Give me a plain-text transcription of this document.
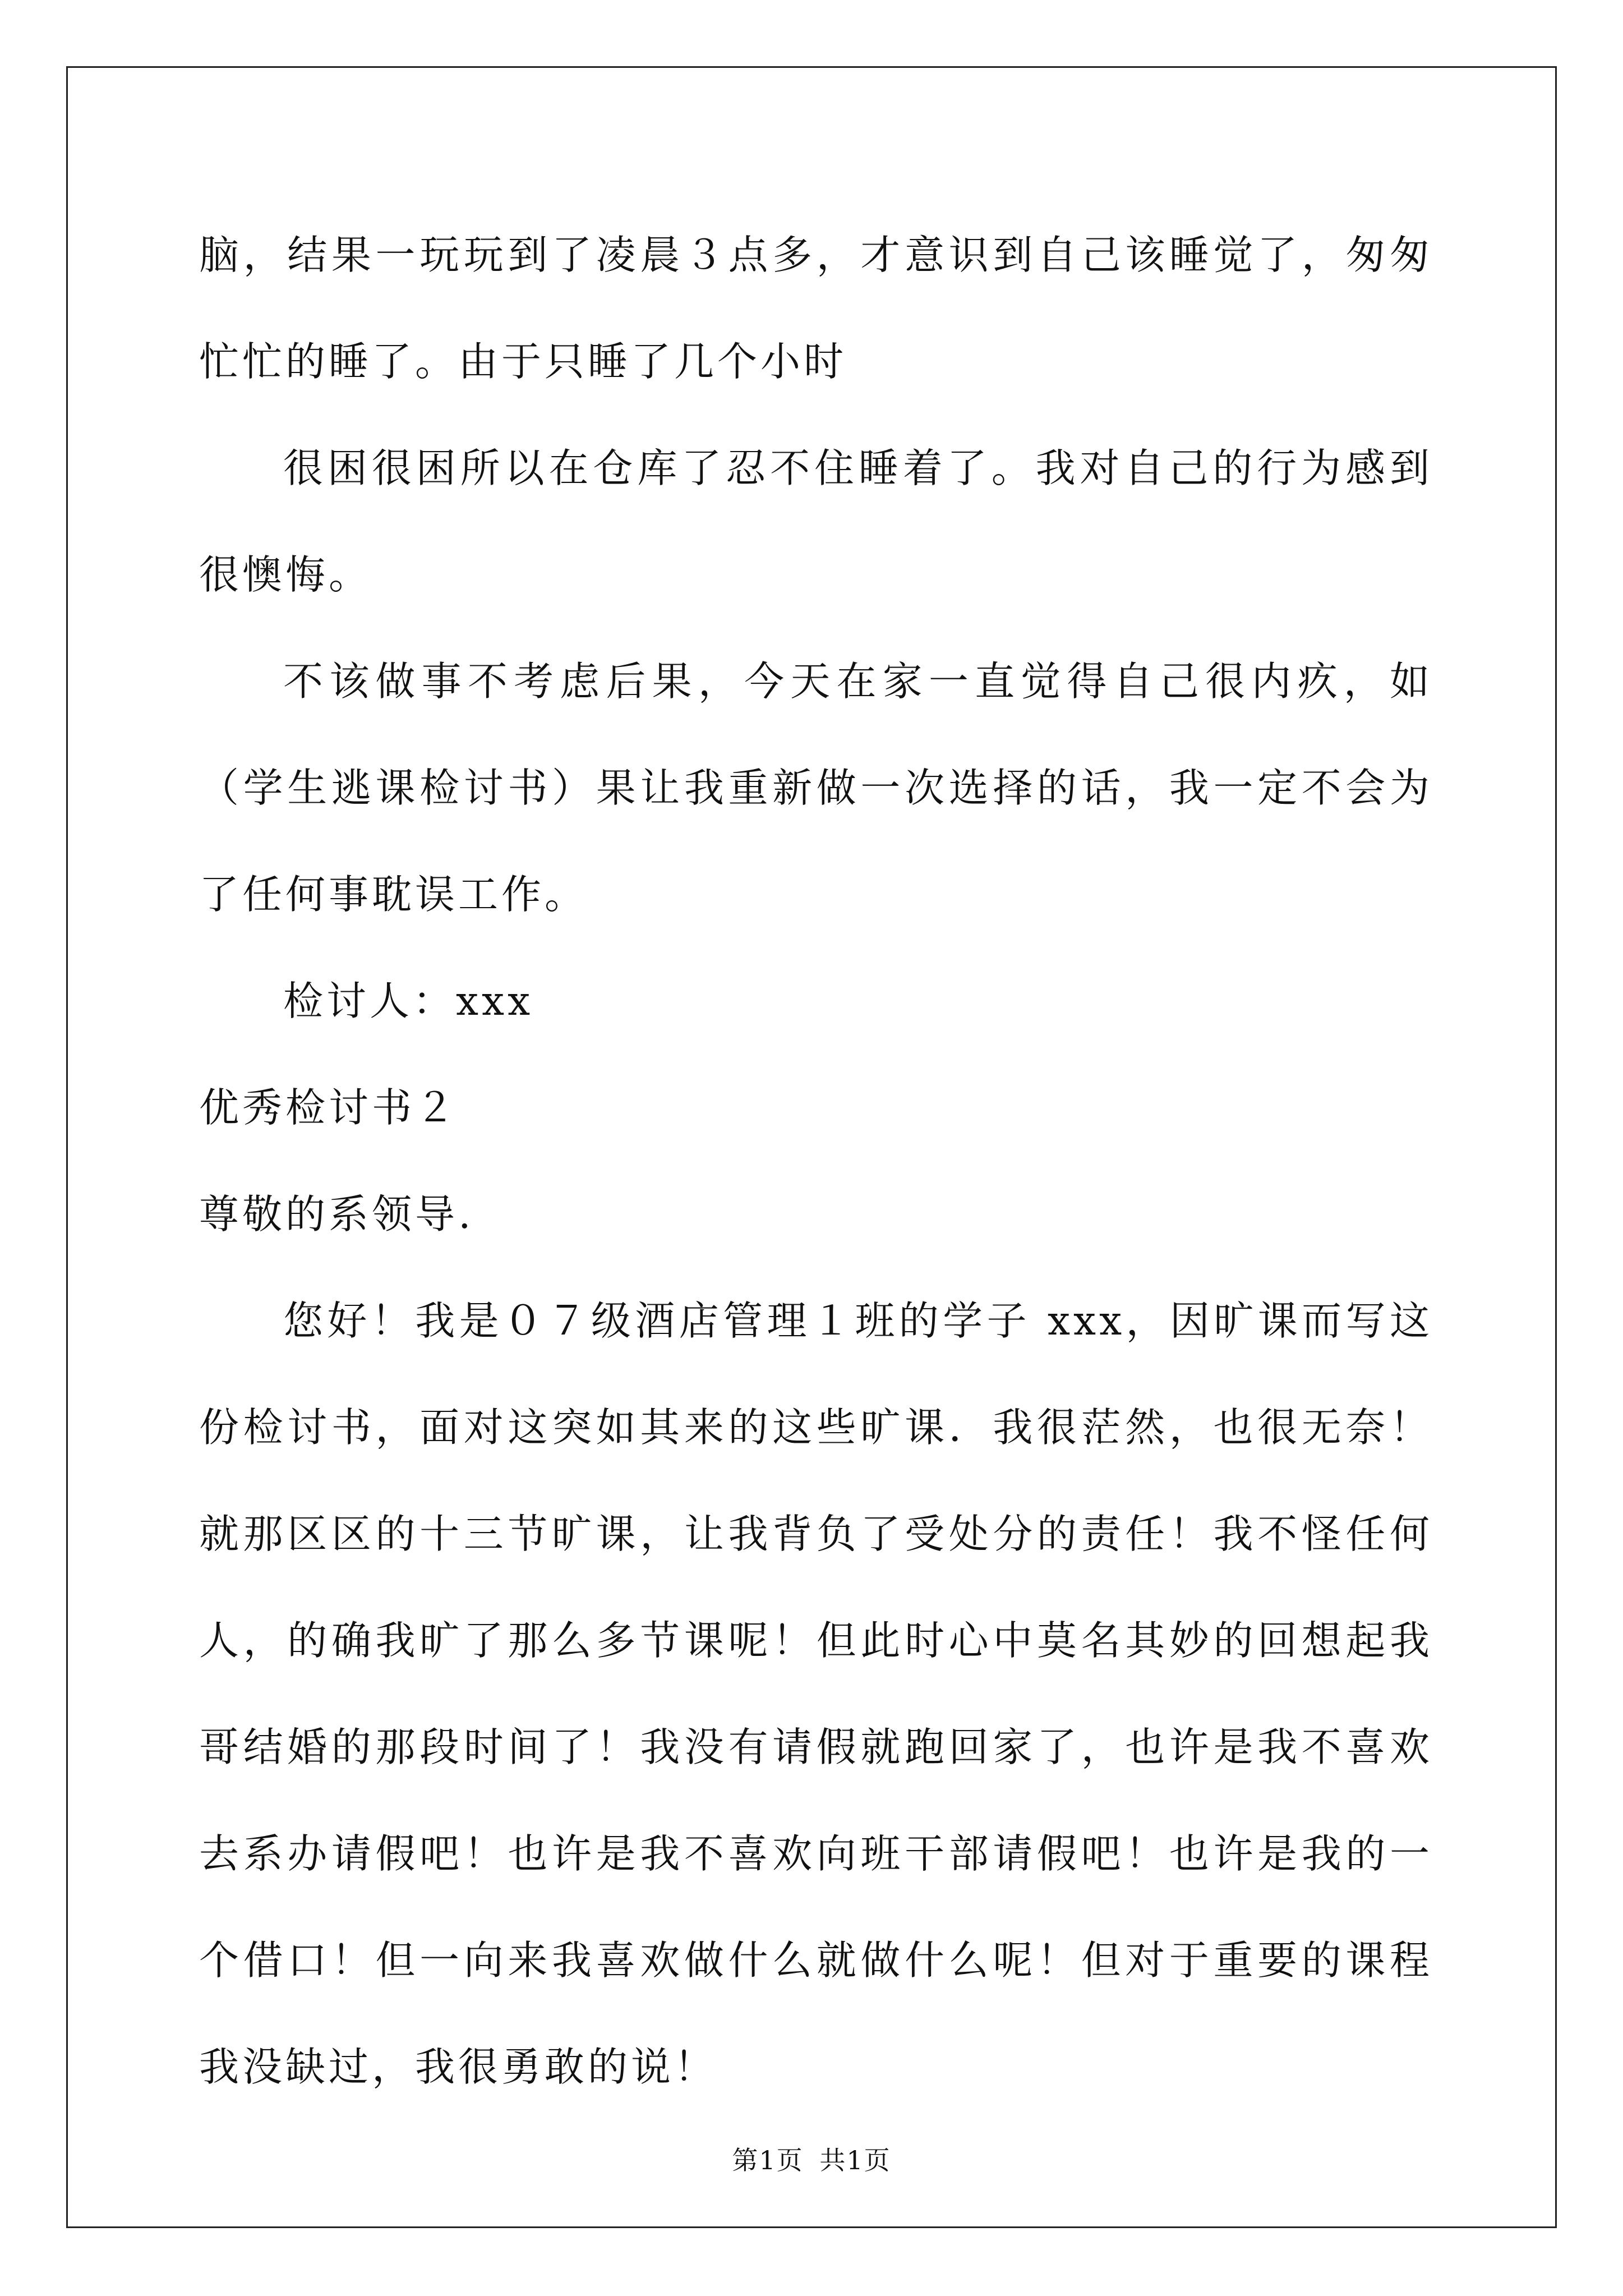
脑，结果一玩玩到了凌晨３点多，才意识到自己该睡觉了，匆匆忙忙的睡了。由于只睡了几个小时

很困很困所以在仓库了忍不住睡着了。我对自己的行为感到很懊悔。

不该做事不考虑后果，今天在家一直觉得自己很内疚，如（学生逃课检讨书）果让我重新做一次选择的话，我一定不会为了任何事耽误工作。

检讨人：xxx

优秀检讨书２

尊敬的系领导.

您好！我是０７级酒店管理１班的学子 xxx，因旷课而写这份检讨书，面对这突如其来的这些旷课．我很茫然，也很无奈！就那区区的十三节旷课，让我背负了受处分的责任！我不怪任何人，的确我旷了那么多节课呢！但此时心中莫名其妙的回想起我哥结婚的那段时间了！我没有请假就跑回家了，也许是我不喜欢去系办请假吧！也许是我不喜欢向班干部请假吧！也许是我的一个借口！但一向来我喜欢做什么就做什么呢！但对于重要的课程我没缺过，我很勇敢的说！

第1页 共1页
